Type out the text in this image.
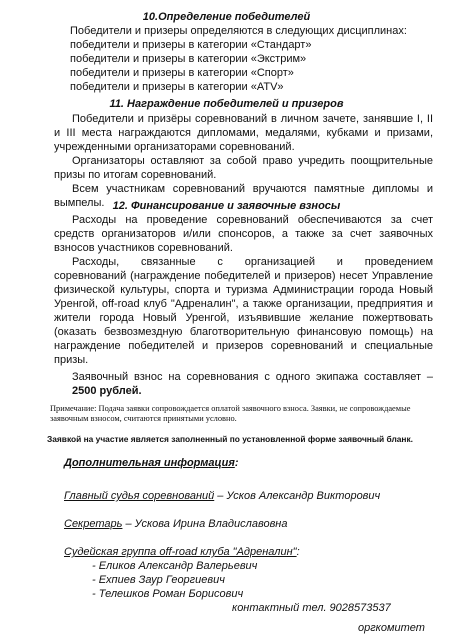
10.Определение победителей
Победители и призеры определяются в следующих дисциплинах:
победители и призеры в категории «Стандарт»
победители и призеры в категории «Экстрим»
победители и призеры в категории «Спорт»
победители и призеры в категории «ATV»
11. Награждение победителей и призеров
Победители и призёры соревнований в личном зачете, занявшие I, II
и III места награждаются дипломами, медалями, кубками и призами,
учрежденными организаторами соревнований.
Организаторы оставляют за собой право учредить поощрительные
призы по итогам соревнований.
Всем участникам соревнований вручаются памятные дипломы и
вымпелы. 12. Финансирование и заявочные взносы
Расходы на проведение соревнований обеспечиваются за счет
средств организаторов и/или спонсоров, а также за счет заявочных
взносов участников соревнований.
Расходы, связанные с организацией и проведением
соревнований (награждение победителей и призеров) несет Управление
физической культуры, спорта и туризма Администрации города Новый
Уренгой, off-road клуб "Адреналин", а также организации, предприятия и
жители города Новый Уренгой, изъявившие желание пожертвовать
(оказать безвозмездную благотворительную финансовую помощь) на
награждение победителей и призеров соревнований и специальные
призы.
Заявочный взнос на соревнования с одного экипажа составляет –
2500 рублей.
Примечание: Подача заявки сопровождается оплатой заявочного взноса. Заявки, не сопровождаемые
заявочным взносом, считаются принятыми условно.
Заявкой на участие является заполненный по установленной форме заявочный бланк.
Дополнительная информация:
Главный судья соревнований – Ускoв Александр Викторович
Секретарь – Ускова Ирина Владиславовна
Судейская группа off-road клуба "Адреналин":
- Еликов Александр Валерьевич
- Ехпиев Заур Георгиевич
- Телешков Роман Борисович
контактный тел. 9028573537
оргкомитет
